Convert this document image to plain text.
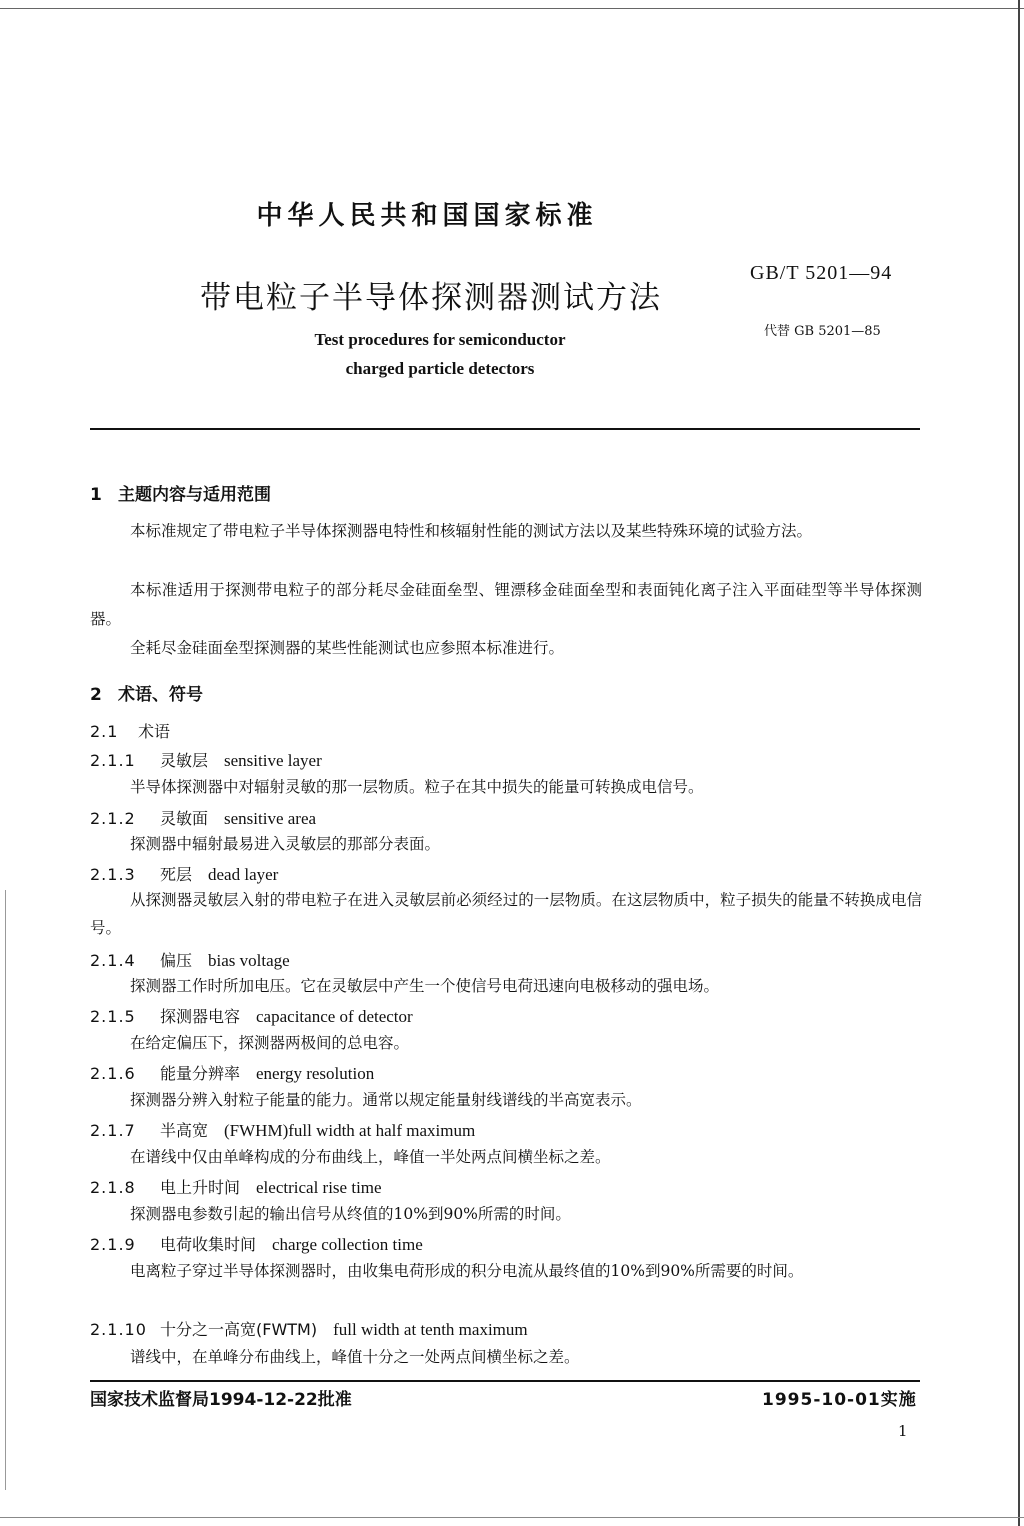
中华人民共和国国家标准
带电粒子半导体探测器测试方法
Test procedures for semiconductor
charged particle detectors
GB/T 5201—94
代替 GB 5201—85
1 主题内容与适用范围
本标准规定了带电粒子半导体探测器电特性和核辐射性能的测试方法以及某些特殊环境的试验方法。
本标准适用于探测带电粒子的部分耗尽金硅面垒型、锂漂移金硅面垒型和表面钝化离子注入平面硅型等半导体探测器。
全耗尽金硅面垒型探测器的某些性能测试也应参照本标准进行。
2 术语、符号
2.1 术语
2.1.1 灵敏层 sensitive layer
半导体探测器中对辐射灵敏的那一层物质。粒子在其中损失的能量可转换成电信号。
2.1.2 灵敏面 sensitive area
探测器中辐射最易进入灵敏层的那部分表面。
2.1.3 死层 dead layer
从探测器灵敏层入射的带电粒子在进入灵敏层前必须经过的一层物质。在这层物质中，粒子损失的能量不转换成电信号。
2.1.4 偏压 bias voltage
探测器工作时所加电压。它在灵敏层中产生一个使信号电荷迅速向电极移动的强电场。
2.1.5 探测器电容 capacitance of detector
在给定偏压下，探测器两极间的总电容。
2.1.6 能量分辨率 energy resolution
探测器分辨入射粒子能量的能力。通常以规定能量射线谱线的半高宽表示。
2.1.7 半高宽 (FWHM)full width at half maximum
在谱线中仅由单峰构成的分布曲线上，峰值一半处两点间横坐标之差。
2.1.8 电上升时间 electrical rise time
探测器电参数引起的输出信号从终值的10%到90%所需的时间。
2.1.9 电荷收集时间 charge collection time
电离粒子穿过半导体探测器时，由收集电荷形成的积分电流从最终值的10%到90%所需要的时间。
2.1.10 十分之一高宽(FWTM) full width at tenth maximum
谱线中，在单峰分布曲线上，峰值十分之一处两点间横坐标之差。
国家技术监督局1994-12-22批准	1995-10-01实施
1
